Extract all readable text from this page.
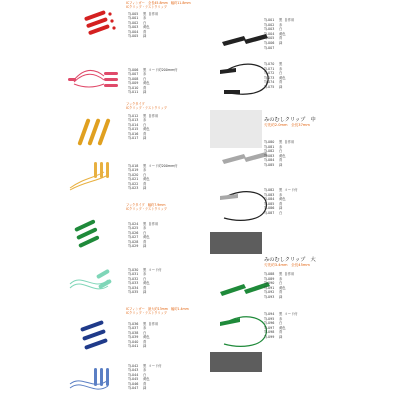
ICフィンガー　全長45.8mm　幅約11.8mm
ICクリップ・テストクリップ
TJ-005 黒  自作用
TJ-001 赤
TJ-002 白
TJ-003 黄色
TJ-004 青
TJ-005 緑
TJ-006 黒  コード約200mm付
TJ-007 赤
TJ-008 白
TJ-009 黄色
TJ-010 青
TJ-011 緑
フックタイプ
ICクリップ・テストクリップ
TJ-012 黒  自作用
TJ-013 赤
TJ-014 白
TJ-015 黄色
TJ-016 青
TJ-017 緑
TJ-018 黒  コード約200mm付
TJ-019 赤
TJ-020 白
TJ-021 黄色
TJ-022 青
TJ-023 緑
フックタイプ　幅約7.9mm
ICクリップ・テストクリップ
TJ-024 黒  自作用
TJ-025 赤
TJ-026 白
TJ-027 黄色
TJ-028 青
TJ-029 緑
TJ-030 黒  コード付
TJ-031 赤
TJ-032 白
TJ-033 黄色
TJ-034 青
TJ-035 緑
ICフィンガー　最大約13mm　幅約1.4mm
ICクリップ・テストクリップ
TJ-036 黒  自作用
TJ-037 赤
TJ-038 白
TJ-039 黄色
TJ-040 青
TJ-041 緑
TJ-042 黒  コード付
TJ-043 赤
TJ-044 白
TJ-045 黄色
TJ-046 青
TJ-047 緑
TJ-001 黒  自作用
TJ-002 赤
TJ-003 白
TJ-004 黄色
TJ-005 青
TJ-006 緑
TJ-007
TJ-070 黒
TJ-071 赤
TJ-072 白
TJ-073 黄色
TJ-074 青
TJ-075 緑
みのむしクリップ　中
刃先約2.0mm　全長37mm
TJ-080 黒  自作用
TJ-081 赤
TJ-082 白
TJ-083 黄色
TJ-084 青
TJ-085 緑
TJ-082 黒  コード付
TJ-083 赤
TJ-084 黄色
TJ-085 青
TJ-086 緑
TJ-087 白
みのむしクリップ　大
刃先約3.4mm　全長45mm
TJ-088 黒  自作用
TJ-089 赤
TJ-090 白
TJ-091 黄色
TJ-092 青
TJ-093 緑
TJ-094 黒  コード付
TJ-095 赤
TJ-096 白
TJ-097 黄色
TJ-098 青
TJ-099 緑
